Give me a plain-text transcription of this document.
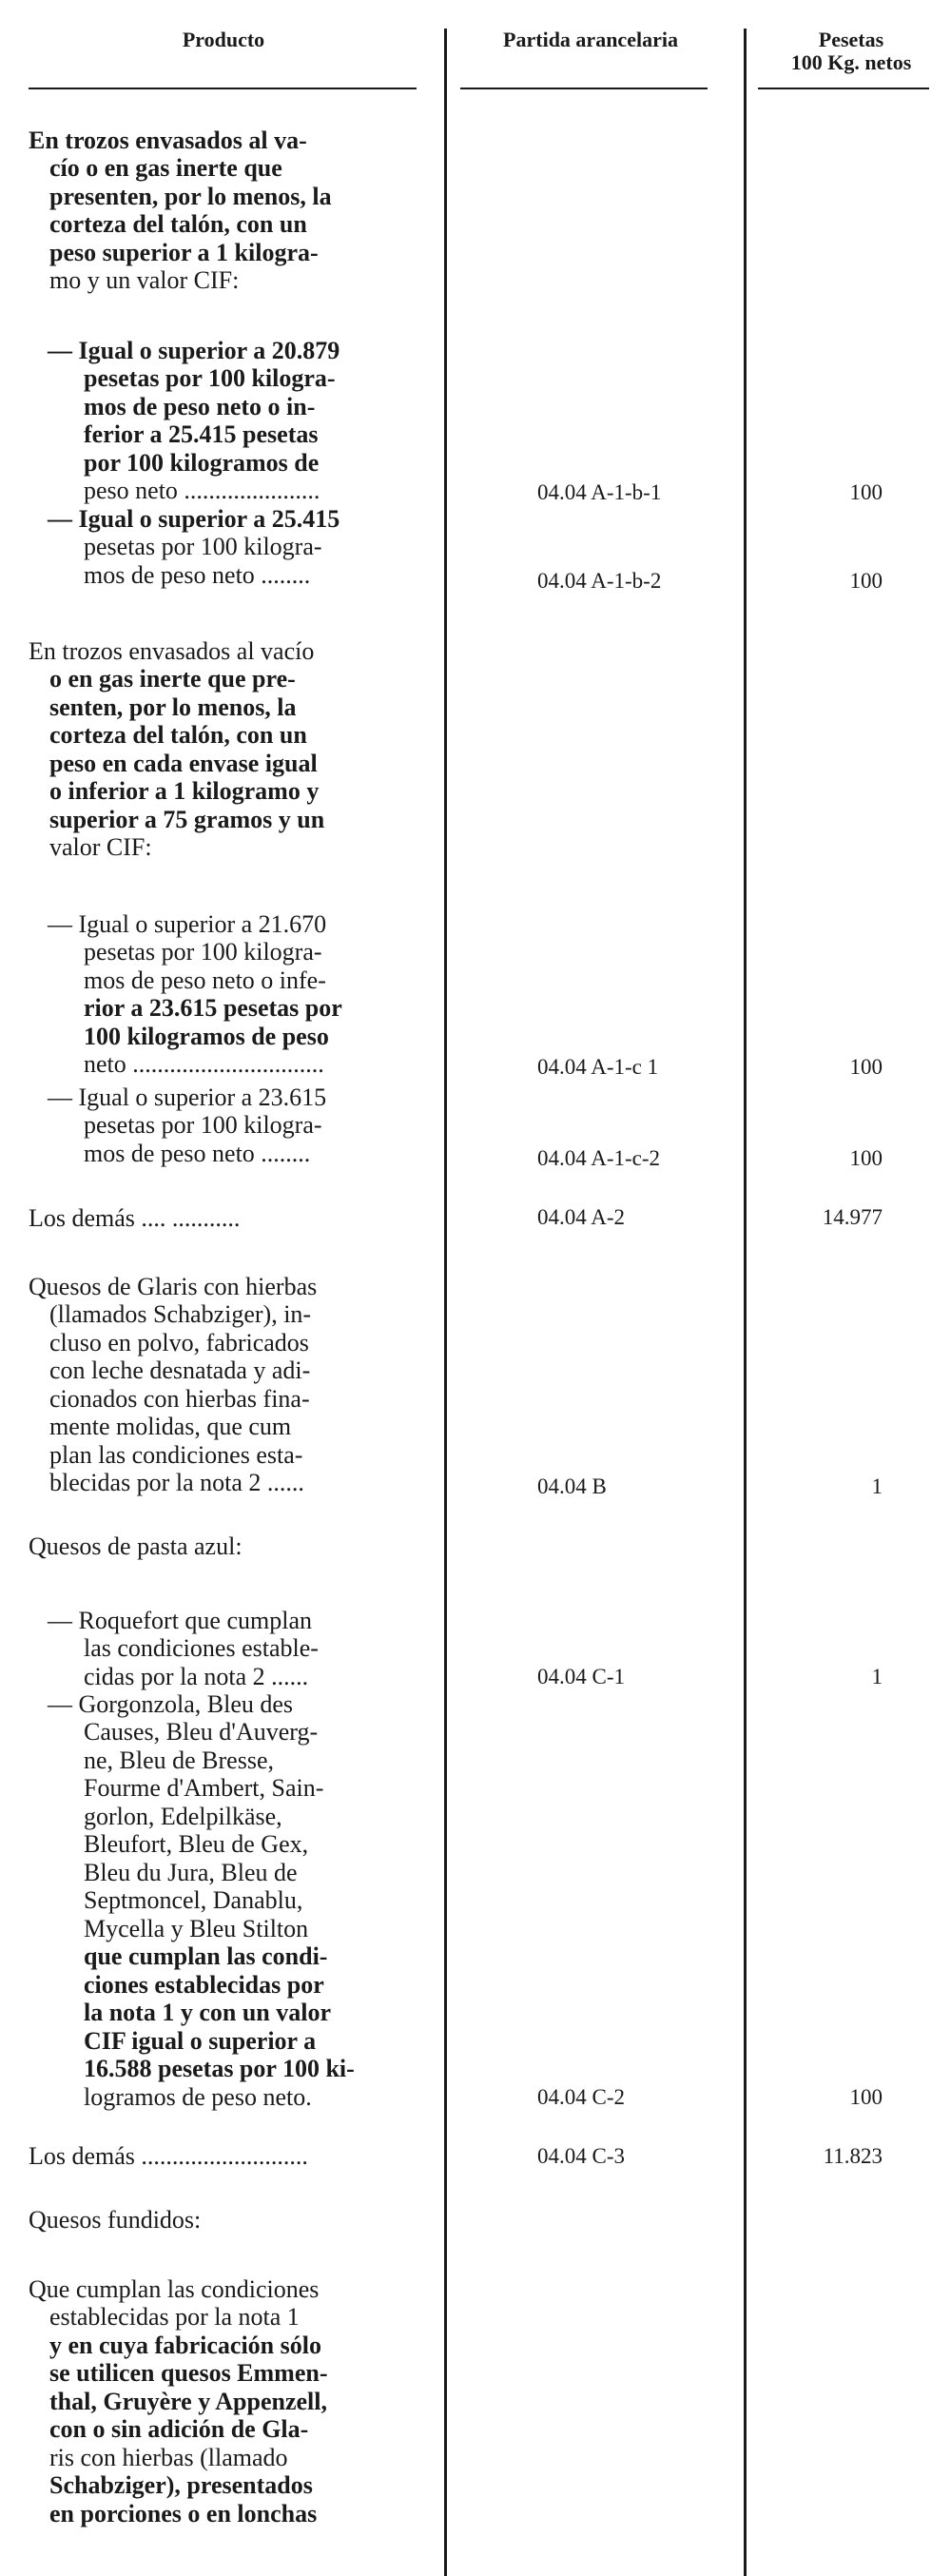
Producto	Partida arancelaria	Pesetas
100 Kg. netos
En trozos envasados al va-
cío o en gas inerte que
presenten, por lo menos, la
corteza del talón, con un
peso superior a 1 kilogra-
mo y un valor CIF:
— Igual o superior a 20.879
pesetas por 100 kilogra-
mos de peso neto o in-
ferior a 25.415 pesetas
por 100 kilogramos de
peso neto ......................	04.04 A-1-b-1	100
— Igual o superior a 25.415
pesetas por 100 kilogra-
mos de peso neto ........	04.04 A-1-b-2	100
En trozos envasados al vacío
o en gas inerte que pre-
senten, por lo menos, la
corteza del talón, con un
peso en cada envase igual
o inferior a 1 kilogramo y
superior a 75 gramos y un
valor CIF:
— Igual o superior a 21.670
pesetas por 100 kilogra-
mos de peso neto o infe-
rior a 23.615 pesetas por
100 kilogramos de peso
neto ...............................	04.04 A-1-c 1	100
— Igual o superior a 23.615
pesetas por 100 kilogra-
mos de peso neto ........	04.04 A-1-c-2	100
Los demás .... ...........	04.04 A-2	14.977
Quesos de Glaris con hierbas
(llamados Schabziger), in-
cluso en polvo, fabricados
con leche desnatada y adi-
cionados con hierbas fina-
mente molidas, que cum
plan las condiciones esta-
blecidas por la nota 2 ......	04.04 B	1
Quesos de pasta azul:
— Roquefort que cumplan
las condiciones estable-
cidas por la nota 2 ......	04.04 C-1	1
— Gorgonzola, Bleu des
Causes, Bleu d'Auverg-
ne, Bleu de Bresse,
Fourme d'Ambert, Sain-
gorlon, Edelpilkäse,
Bleufort, Bleu de Gex,
Bleu du Jura, Bleu de
Septmoncel, Danablu,
Mycella y Bleu Stilton
que cumplan las condi-
ciones establecidas por
la nota 1 y con un valor
CIF igual o superior a
16.588 pesetas por 100 ki-
logramos de peso neto.	04.04 C-2	100
Los demás ...........................	04.04 C-3	11.823
Quesos fundidos:
Que cumplan las condiciones
establecidas por la nota 1
y en cuya fabricación sólo
se utilicen quesos Emmen-
thal, Gruyère y Appenzell,
con o sin adición de Gla-
ris con hierbas (llamado
Schabziger), presentados
en porciones o en lonchas
